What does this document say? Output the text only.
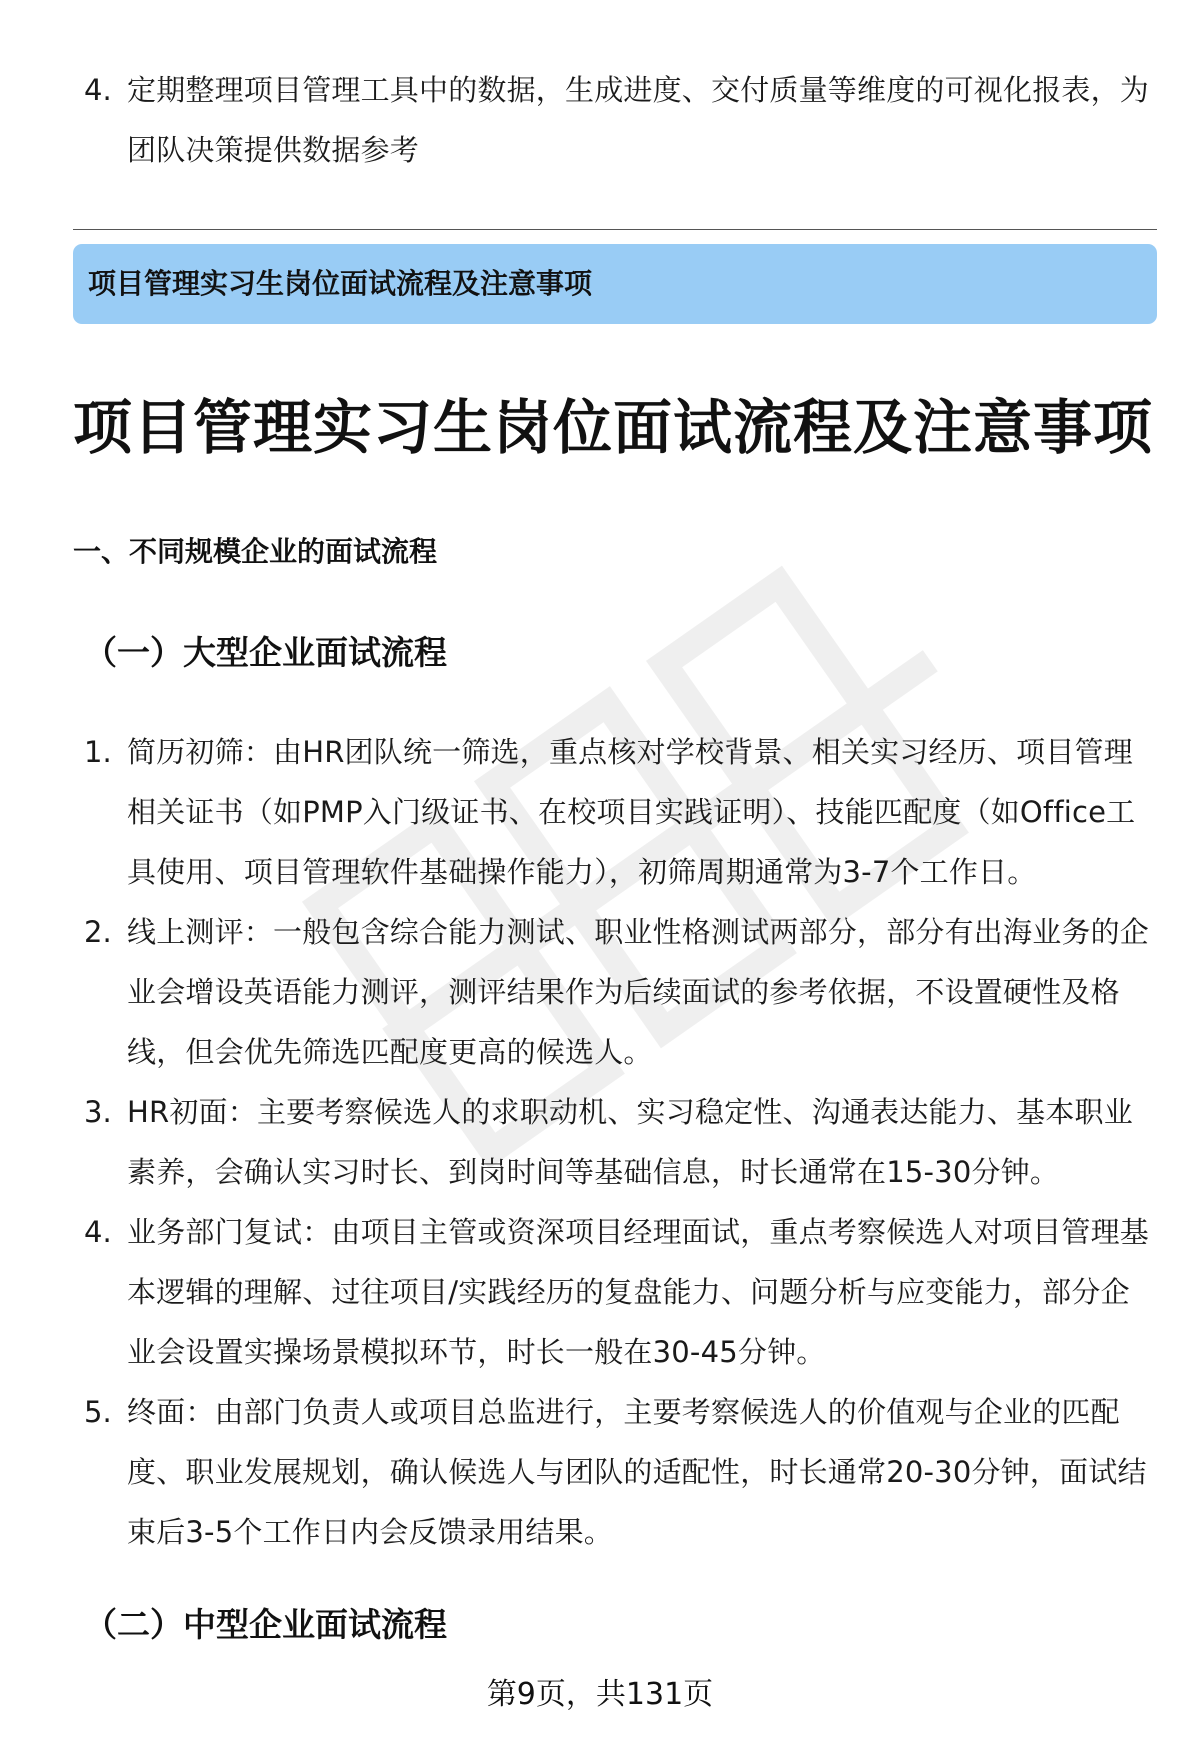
4. 定期整理项目管理工具中的数据，生成进度、交付质量等维度的可视化报表，为团队决策提供数据参考
项目管理实习生岗位面试流程及注意事项
项目管理实习生岗位面试流程及注意事项
一、不同规模企业的面试流程
（一）大型企业面试流程
1. 简历初筛：由HR团队统一筛选，重点核对学校背景、相关实习经历、项目管理相关证书（如PMP入门级证书、在校项目实践证明）、技能匹配度（如Office工具使用、项目管理软件基础操作能力），初筛周期通常为3-7个工作日。
2. 线上测评：一般包含综合能力测试、职业性格测试两部分，部分有出海业务的企业会增设英语能力测评，测评结果作为后续面试的参考依据，不设置硬性及格线，但会优先筛选匹配度更高的候选人。
3. HR初面：主要考察候选人的求职动机、实习稳定性、沟通表达能力、基本职业素养，会确认实习时长、到岗时间等基础信息，时长通常在15-30分钟。
4. 业务部门复试：由项目主管或资深项目经理面试，重点考察候选人对项目管理基本逻辑的理解、过往项目/实践经历的复盘能力、问题分析与应变能力，部分企业会设置实操场景模拟环节，时长一般在30-45分钟。
5. 终面：由部门负责人或项目总监进行，主要考察候选人的价值观与企业的匹配度、职业发展规划，确认候选人与团队的适配性，时长通常20-30分钟，面试结束后3-5个工作日内会反馈录用结果。
（二）中型企业面试流程
第9页，共131页
